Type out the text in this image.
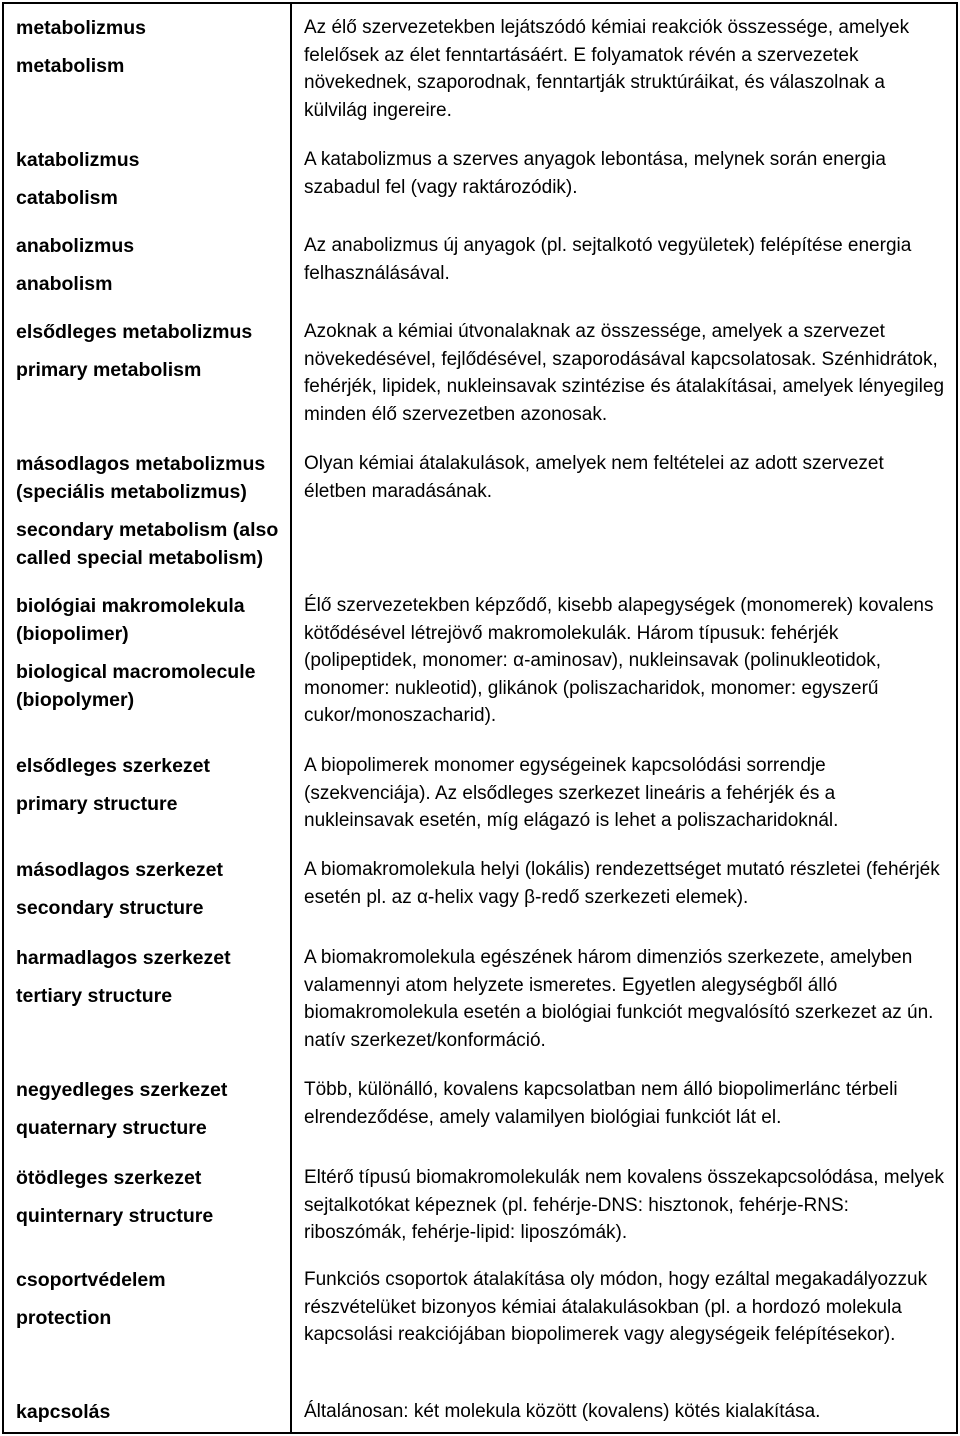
metabolizmus
metabolism
Az élő szervezetekben lejátszódó kémiai reakciók összessége, amelyek felelősek az élet fenntartásáért. E folyamatok révén a szervezetek növekednek, szaporodnak, fenntartják struktúráikat, és válaszolnak a külvilág ingereire.
katabolizmus
catabolism
A katabolizmus a szerves anyagok lebontása, melynek során energia szabadul fel (vagy raktározódik).
anabolizmus
anabolism
Az anabolizmus új anyagok (pl. sejtalkotó vegyületek) felépítése energia felhasználásával.
elsődleges metabolizmus
primary metabolism
Azoknak a kémiai útvonalaknak az összessége, amelyek a szervezet növekedésével, fejlődésével, szaporodásával kapcsolatosak. Szénhidrátok, fehérjék, lipidek, nukleinsavak szintézise és átalakításai, amelyek lényegileg minden élő szervezetben azonosak.
másodlagos metabolizmus (speciális metabolizmus)
secondary metabolism (also called special metabolism)
Olyan kémiai átalakulások, amelyek nem feltételei az adott szervezet életben maradásának.
biológiai makromolekula (biopolimer)
biological macromolecule (biopolymer)
Élő szervezetekben képződő, kisebb alapegységek (monomerek) kovalens kötődésével létrejövő makromolekulák. Három típusuk: fehérjék (polipeptidek, monomer: α-aminosav), nukleinsavak (polinukleotidok, monomer: nukleotid), glikánok (poliszacharidok, monomer: egyszerű cukor/monoszacharid).
elsődleges szerkezet
primary structure
A biopolimerek monomer egységeinek kapcsolódási sorrendje (szekvenciája). Az elsődleges szerkezet lineáris a fehérjék és a nukleinsavak esetén, míg elágazó is lehet a poliszacharidoknál.
másodlagos szerkezet
secondary structure
A biomakromolekula helyi (lokális) rendezettséget mutató részletei (fehérjék esetén pl. az α-helix vagy β-redő szerkezeti elemek).
harmadlagos szerkezet
tertiary structure
A biomakromolekula egészének három dimenziós szerkezete, amelyben valamennyi atom helyzete ismeretes. Egyetlen alegységből álló biomakromolekula esetén a biológiai funkciót megvalósító szerkezet az ún. natív szerkezet/konformáció.
negyedleges szerkezet
quaternary structure
Több, különálló, kovalens kapcsolatban nem álló biopolimerlánc térbeli elrendeződése, amely valamilyen biológiai funkciót lát el.
ötödleges szerkezet
quinternary structure
Eltérő típusú biomakromolekulák nem kovalens összekapcsolódása, melyek sejtalkotókat képeznek (pl. fehérje-DNS: hisztonok, fehérje-RNS: riboszómák, fehérje-lipid: liposzómák).
csoportvédelem
protection
Funkciós csoportok átalakítása oly módon, hogy ezáltal megakadályozzuk részvételüket bizonyos kémiai átalakulásokban (pl. a hordozó molekula kapcsolási reakciójában biopolimerek vagy alegységeik felépítésekor).
kapcsolás	Általánosan: két molekula között (kovalens) kötés kialakítása.
